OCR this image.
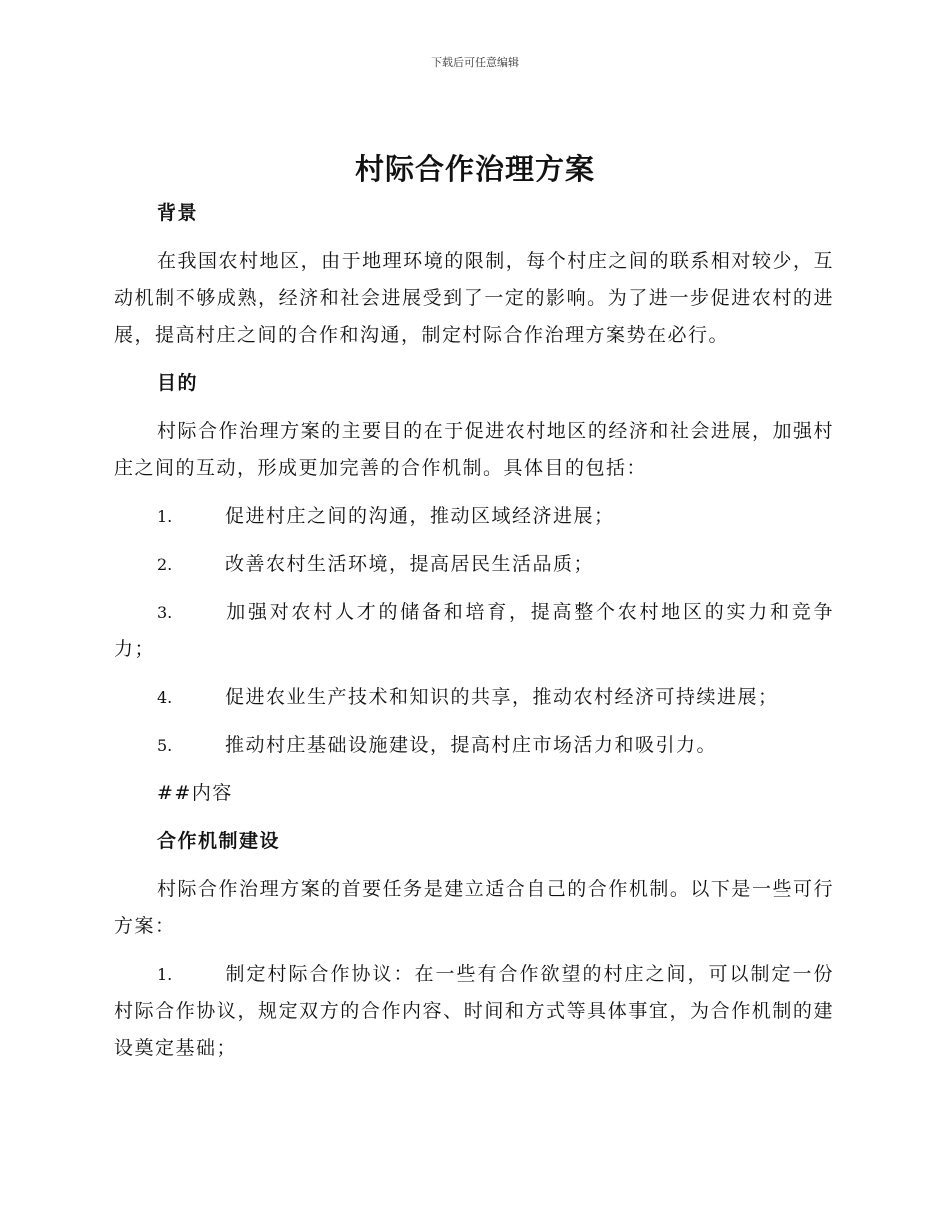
下载后可任意编辑
村际合作治理方案

背景

在我国农村地区，由于地理环境的限制，每个村庄之间的联系相对较少，互动机制不够成熟，经济和社会进展受到了一定的影响。为了进一步促进农村的进展，提高村庄之间的合作和沟通，制定村际合作治理方案势在必行。

目的

村际合作治理方案的主要目的在于促进农村地区的经济和社会进展，加强村庄之间的互动，形成更加完善的合作机制。具体目的包括：

1.	促进村庄之间的沟通，推动区域经济进展；

2.	改善农村生活环境，提高居民生活品质；

3.	加强对农村人才的储备和培育，提高整个农村地区的实力和竞争力；

4.	促进农业生产技术和知识的共享，推动农村经济可持续进展；

5.	推动村庄基础设施建设，提高村庄市场活力和吸引力。

##内容

合作机制建设

村际合作治理方案的首要任务是建立适合自己的合作机制。以下是一些可行方案：

1.	制定村际合作协议：在一些有合作欲望的村庄之间，可以制定一份村际合作协议，规定双方的合作内容、时间和方式等具体事宜，为合作机制的建设奠定基础；
